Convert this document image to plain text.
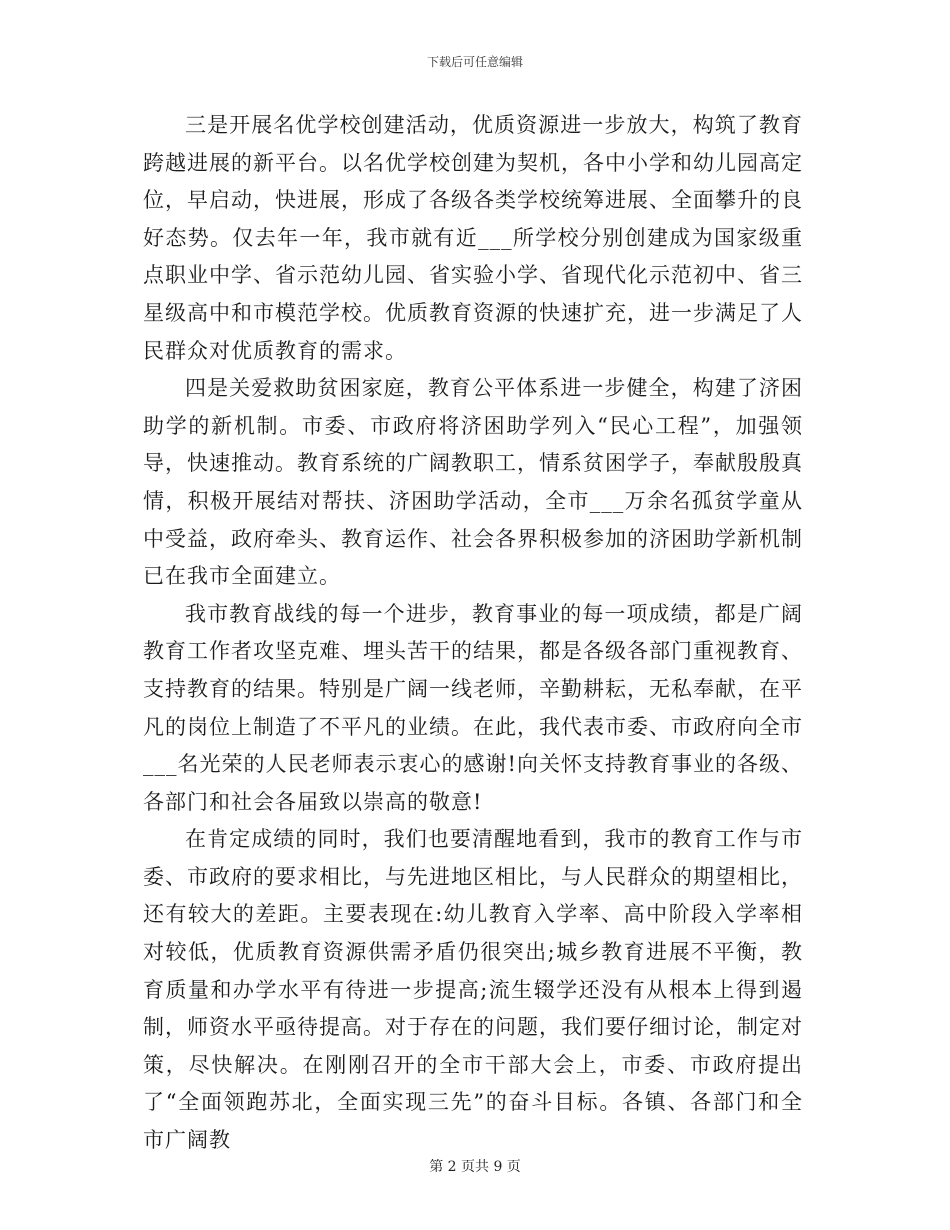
下载后可任意编辑

三是开展名优学校创建活动，优质资源进一步放大，构筑了教育跨越进展的新平台。以名优学校创建为契机，各中小学和幼儿园高定位，早启动，快进展，形成了各级各类学校统筹进展、全面攀升的良好态势。仅去年一年，我市就有近___所学校分别创建成为国家级重点职业中学、省示范幼儿园、省实验小学、省现代化示范初中、省三星级高中和市模范学校。优质教育资源的快速扩充，进一步满足了人民群众对优质教育的需求。

四是关爱救助贫困家庭，教育公平体系进一步健全，构建了济困助学的新机制。市委、市政府将济困助学列入“民心工程”，加强领导，快速推动。教育系统的广阔教职工，情系贫困学子，奉献殷殷真情，积极开展结对帮扶、济困助学活动，全市___万余名孤贫学童从中受益，政府牵头、教育运作、社会各界积极参加的济困助学新机制已在我市全面建立。

我市教育战线的每一个进步，教育事业的每一项成绩，都是广阔教育工作者攻坚克难、埋头苦干的结果，都是各级各部门重视教育、支持教育的结果。特别是广阔一线老师，辛勤耕耘，无私奉献，在平凡的岗位上制造了不平凡的业绩。在此，我代表市委、市政府向全市___名光荣的人民老师表示衷心的感谢!向关怀支持教育事业的各级、各部门和社会各届致以崇高的敬意!

在肯定成绩的同时，我们也要清醒地看到，我市的教育工作与市委、市政府的要求相比，与先进地区相比，与人民群众的期望相比，还有较大的差距。主要表现在:幼儿教育入学率、高中阶段入学率相对较低，优质教育资源供需矛盾仍很突出;城乡教育进展不平衡，教育质量和办学水平有待进一步提高;流生辍学还没有从根本上得到遏制，师资水平亟待提高。对于存在的问题，我们要仔细讨论，制定对策，尽快解决。在刚刚召开的全市干部大会上，市委、市政府提出了“全面领跑苏北，全面实现三先”的奋斗目标。各镇、各部门和全市广阔教

第 2 页共 9 页
